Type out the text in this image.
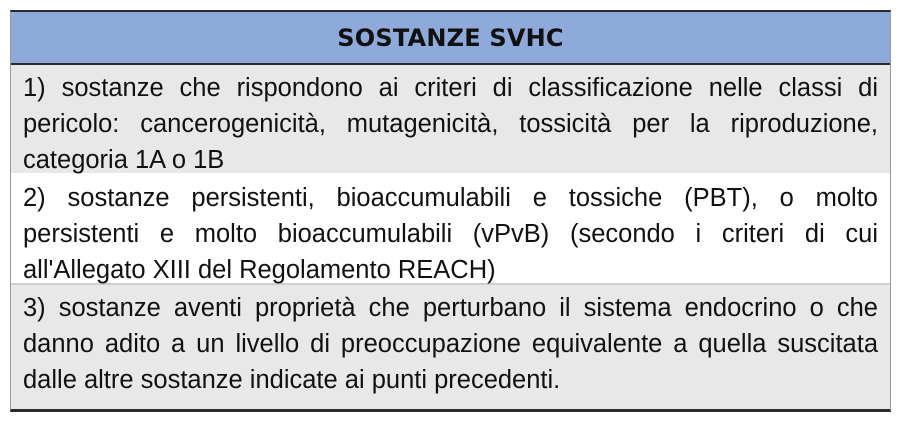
SOSTANZE SVHC
1) sostanze che rispondono ai criteri di classificazione nelle classi di pericolo: cancerogenicità, mutagenicità, tossicità per la riproduzione, categoria 1A o 1B
2) sostanze persistenti, bioaccumulabili e tossiche (PBT), o molto persistenti e molto bioaccumulabili (vPvB) (secondo i criteri di cui all'Allegato XIII del Regolamento REACH)
3) sostanze aventi proprietà che perturbano il sistema endocrino o che danno adito a un livello di preoccupazione equivalente a quella suscitata dalle altre sostanze indicate ai punti precedenti.
